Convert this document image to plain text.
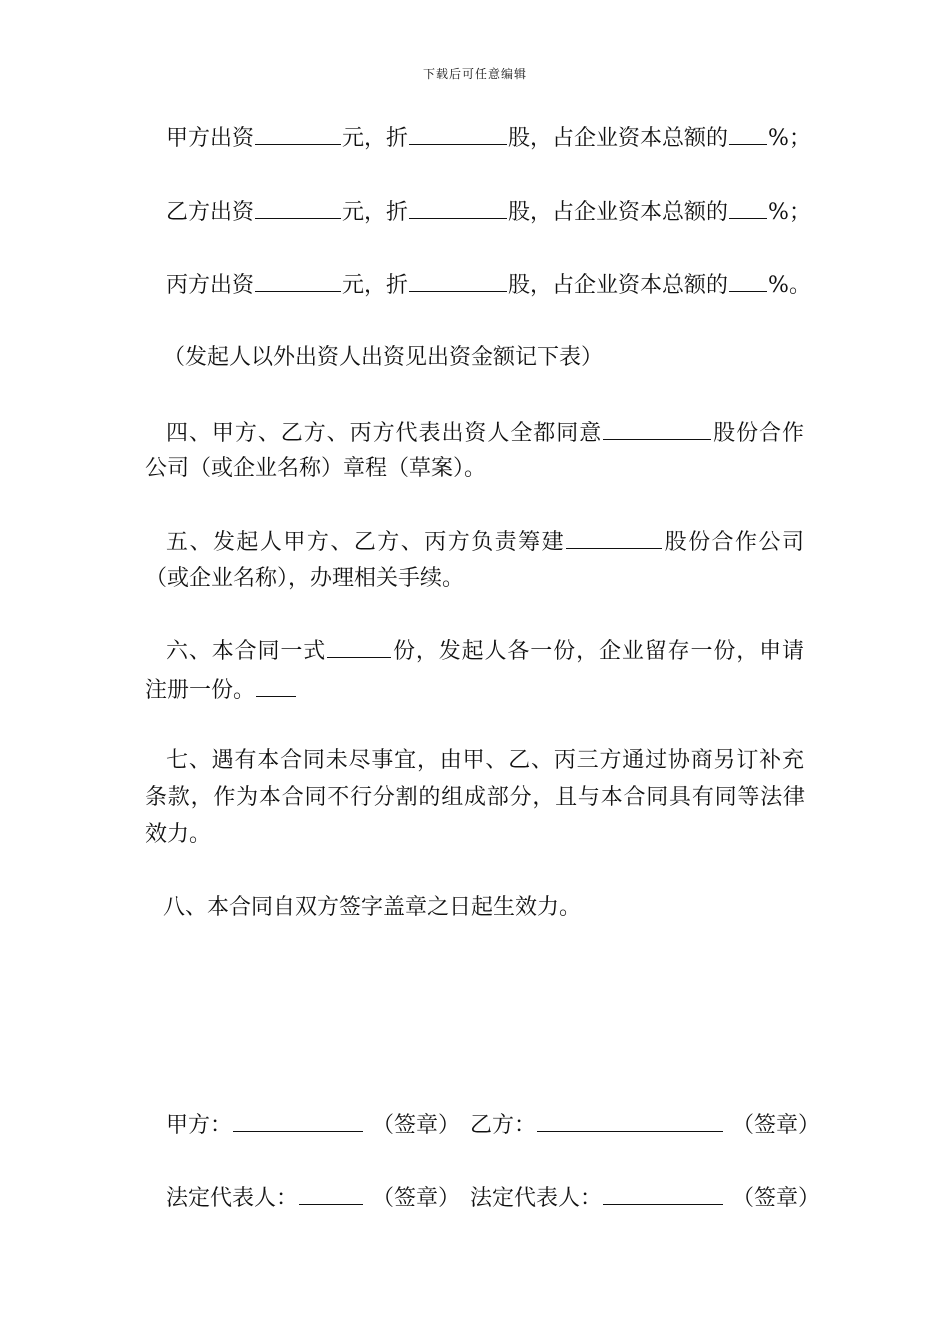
下载后可任意编辑
甲方出资	元，折	股，占企业资本总额的 %；
乙方出资	元，折	股，占企业资本总额的 %；
丙方出资	元，折	股，占企业资本总额的 %。
（发起人以外出资人出资见出资金额记下表）
四、甲方、乙方、丙方代表出资人全都同意	股份合作
公司（或企业名称）章程（草案）。
五、发起人甲方、乙方、丙方负责筹建	股份合作公司
（或企业名称），办理相关手续。
六、本合同一式	份，发起人各一份，企业留存一份，申请
注册一份。
七、遇有本合同未尽事宜，由甲、乙、丙三方通过协商另订补充
条款，作为本合同不行分割的组成部分，且与本合同具有同等法律
效力。
八、本合同自双方签字盖章之日起生效力。
甲方：	（签章） 乙方：	（签章）
法定代表人：	（签章） 法定代表人：	（签章）
